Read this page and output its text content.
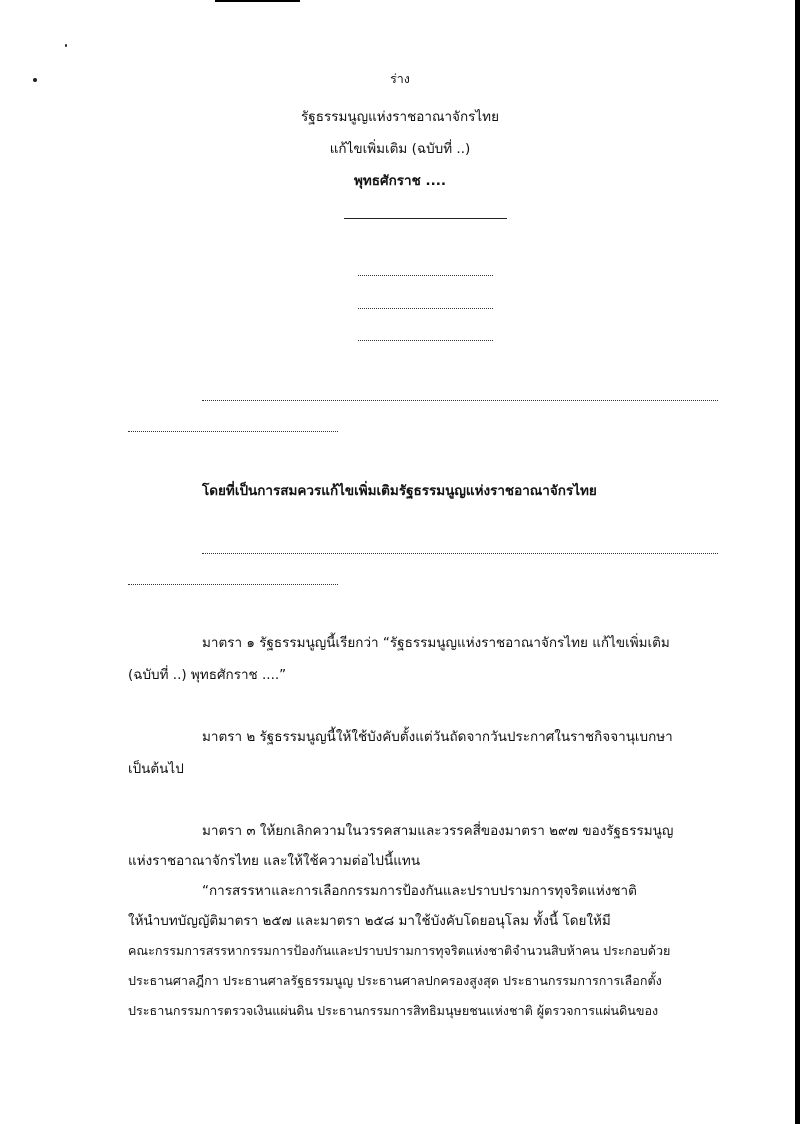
ร่าง
รัฐธรรมนูญแห่งราชอาณาจักรไทย
แก้ไขเพิ่มเติม (ฉบับที่ ..)
พุทธศักราช ....
โดยที่เป็นการสมควรแก้ไขเพิ่มเติมรัฐธรรมนูญแห่งราชอาณาจักรไทย
มาตรา ๑ รัฐธรรมนูญนี้เรียกว่า “รัฐธรรมนูญแห่งราชอาณาจักรไทย แก้ไขเพิ่มเติม
(ฉบับที่ ..) พุทธศักราช ....”
มาตรา ๒ รัฐธรรมนูญนี้ให้ใช้บังคับตั้งแต่วันถัดจากวันประกาศในราชกิจจานุเบกษา
เป็นต้นไป
มาตรา ๓ ให้ยกเลิกความในวรรคสามและวรรคสี่ของมาตรา ๒๙๗ ของรัฐธรรมนูญ
แห่งราชอาณาจักรไทย และให้ใช้ความต่อไปนี้แทน
“การสรรหาและการเลือกกรรมการป้องกันและปราบปรามการทุจริตแห่งชาติ
ให้นำบทบัญญัติมาตรา ๒๕๗ และมาตรา ๒๕๘ มาใช้บังคับโดยอนุโลม ทั้งนี้ โดยให้มี
คณะกรรมการสรรหากรรมการป้องกันและปราบปรามการทุจริตแห่งชาติจำนวนสิบห้าคน ประกอบด้วย
ประธานศาลฎีกา ประธานศาลรัฐธรรมนูญ ประธานศาลปกครองสูงสุด ประธานกรรมการการเลือกตั้ง
ประธานกรรมการตรวจเงินแผ่นดิน ประธานกรรมการสิทธิมนุษยชนแห่งชาติ ผู้ตรวจการแผ่นดินของ
